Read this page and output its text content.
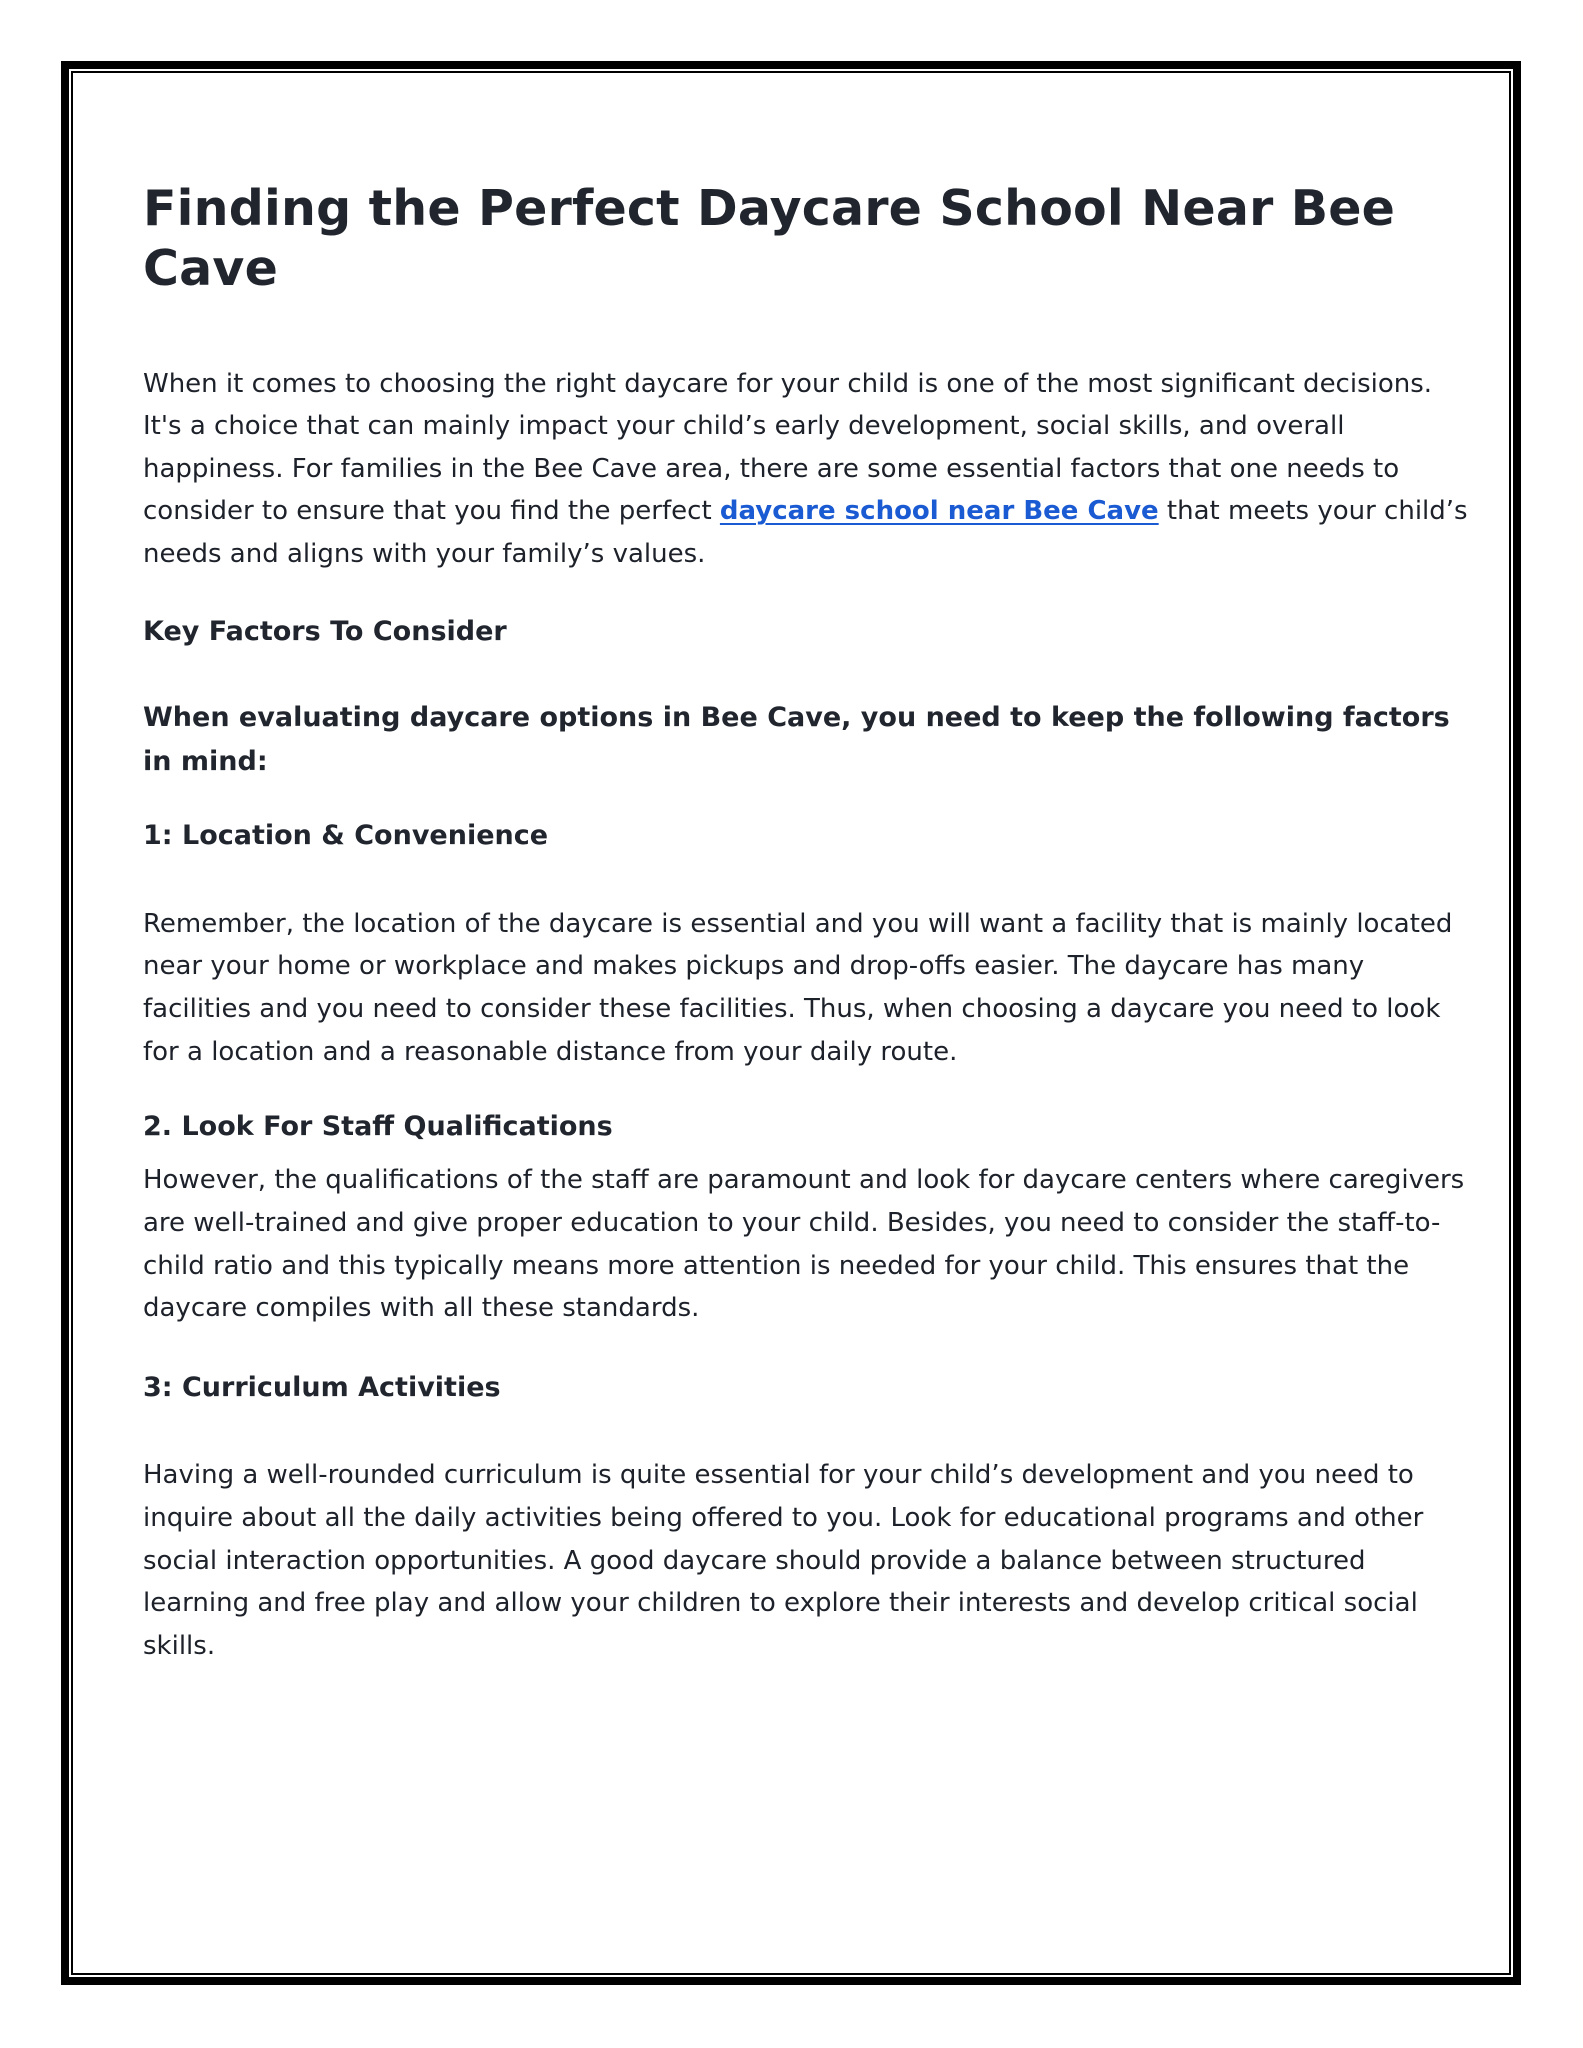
Finding the Perfect Daycare School Near Bee Cave

When it comes to choosing the right daycare for your child is one of the most significant decisions. It's a choice that can mainly impact your child’s early development, social skills, and overall happiness. For families in the Bee Cave area, there are some essential factors that one needs to consider to ensure that you find the perfect daycare school near Bee Cave that meets your child’s needs and aligns with your family’s values.

Key Factors To Consider

When evaluating daycare options in Bee Cave, you need to keep the following factors in mind:

1: Location & Convenience

Remember, the location of the daycare is essential and you will want a facility that is mainly located near your home or workplace and makes pickups and drop-offs easier. The daycare has many facilities and you need to consider these facilities. Thus, when choosing a daycare you need to look for a location and a reasonable distance from your daily route.

2. Look For Staff Qualifications

However, the qualifications of the staff are paramount and look for daycare centers where caregivers are well-trained and give proper education to your child. Besides, you need to consider the staff-to-child ratio and this typically means more attention is needed for your child. This ensures that the daycare compiles with all these standards.

3: Curriculum Activities

Having a well-rounded curriculum is quite essential for your child’s development and you need to inquire about all the daily activities being offered to you. Look for educational programs and other social interaction opportunities. A good daycare should provide a balance between structured learning and free play and allow your children to explore their interests and develop critical social skills.
